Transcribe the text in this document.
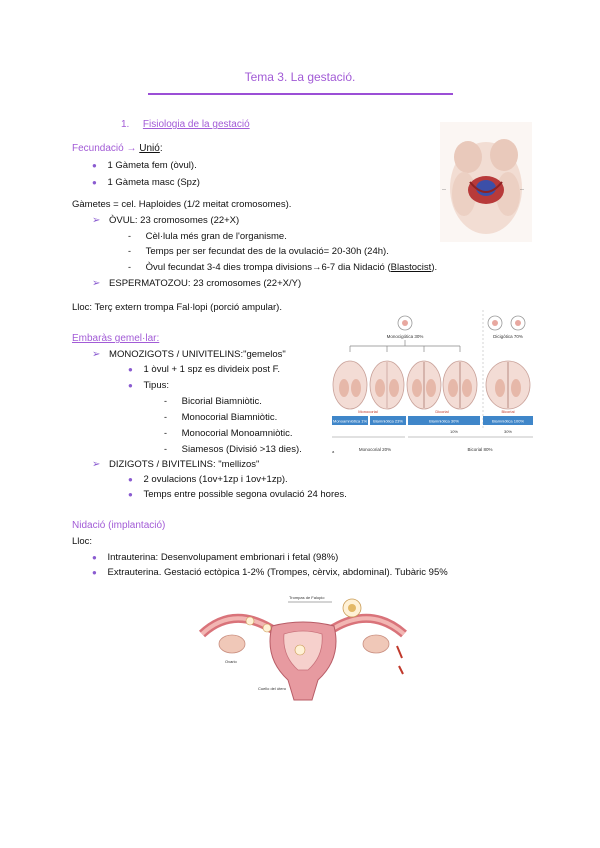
Tema 3. La gestació.
1. Fisiologia de la gestació
Fecundació → Unió:
● 1 Gàmeta fem (òvul).
● 1 Gàmeta masc (Spz)
Gàmetes = cel. Haploides (1/2 meitat cromosomes).
➢ ÒVUL: 23 cromosomes (22+X)
- Cèl·lula més gran de l'organisme.
- Temps per ser fecundat des de la ovulació= 20-30h (24h).
- Òvul fecundat 3-4 dies trompa divisions→6-7 dia Nidació (Blastocist).
➢ ESPERMATOZOU: 23 cromosomes (22+X/Y)
Lloc: Terç extern trompa Fal·lopi (porció ampular).
Embaràs gemel·lar:
➢ MONOZIGOTS / UNIVITELINS:"gemelos"
● 1 òvul + 1 spz es divideix post F.
● Tipus:
- Bicorial Biamniòtic.
- Monocorial Biamniòtic.
- Monocorial Monoamniòtic.
- Siamesos (Divisió >13 dies).
➢ DIZIGOTS / BIVITELINS: "mellizos"
● 2 ovulacions (1ov+1zp i 1ov+1zp).
● Temps entre possible segona ovulació 24 hores.
Nidació (implantació)
Lloc:
● Intrauterina: Desenvolupament embrionari i fetal (98%)
● Extrauterina. Gestació ectòpica 1-2% (Trompes, cèrvix, abdominal). Tubàric 95%
—	—
Monocigótica 30%	Dicigótica 70%
Monocorial	Dicorial	Bicorial
Monoamniótica 1% Biamniótica 23%	Biamniótica 30%	Biamniótica 100%
10%	30%
a	Monocorial 20%	Bicorial 80%
Trompas de Falopio
Ovario
Cuello del útero
